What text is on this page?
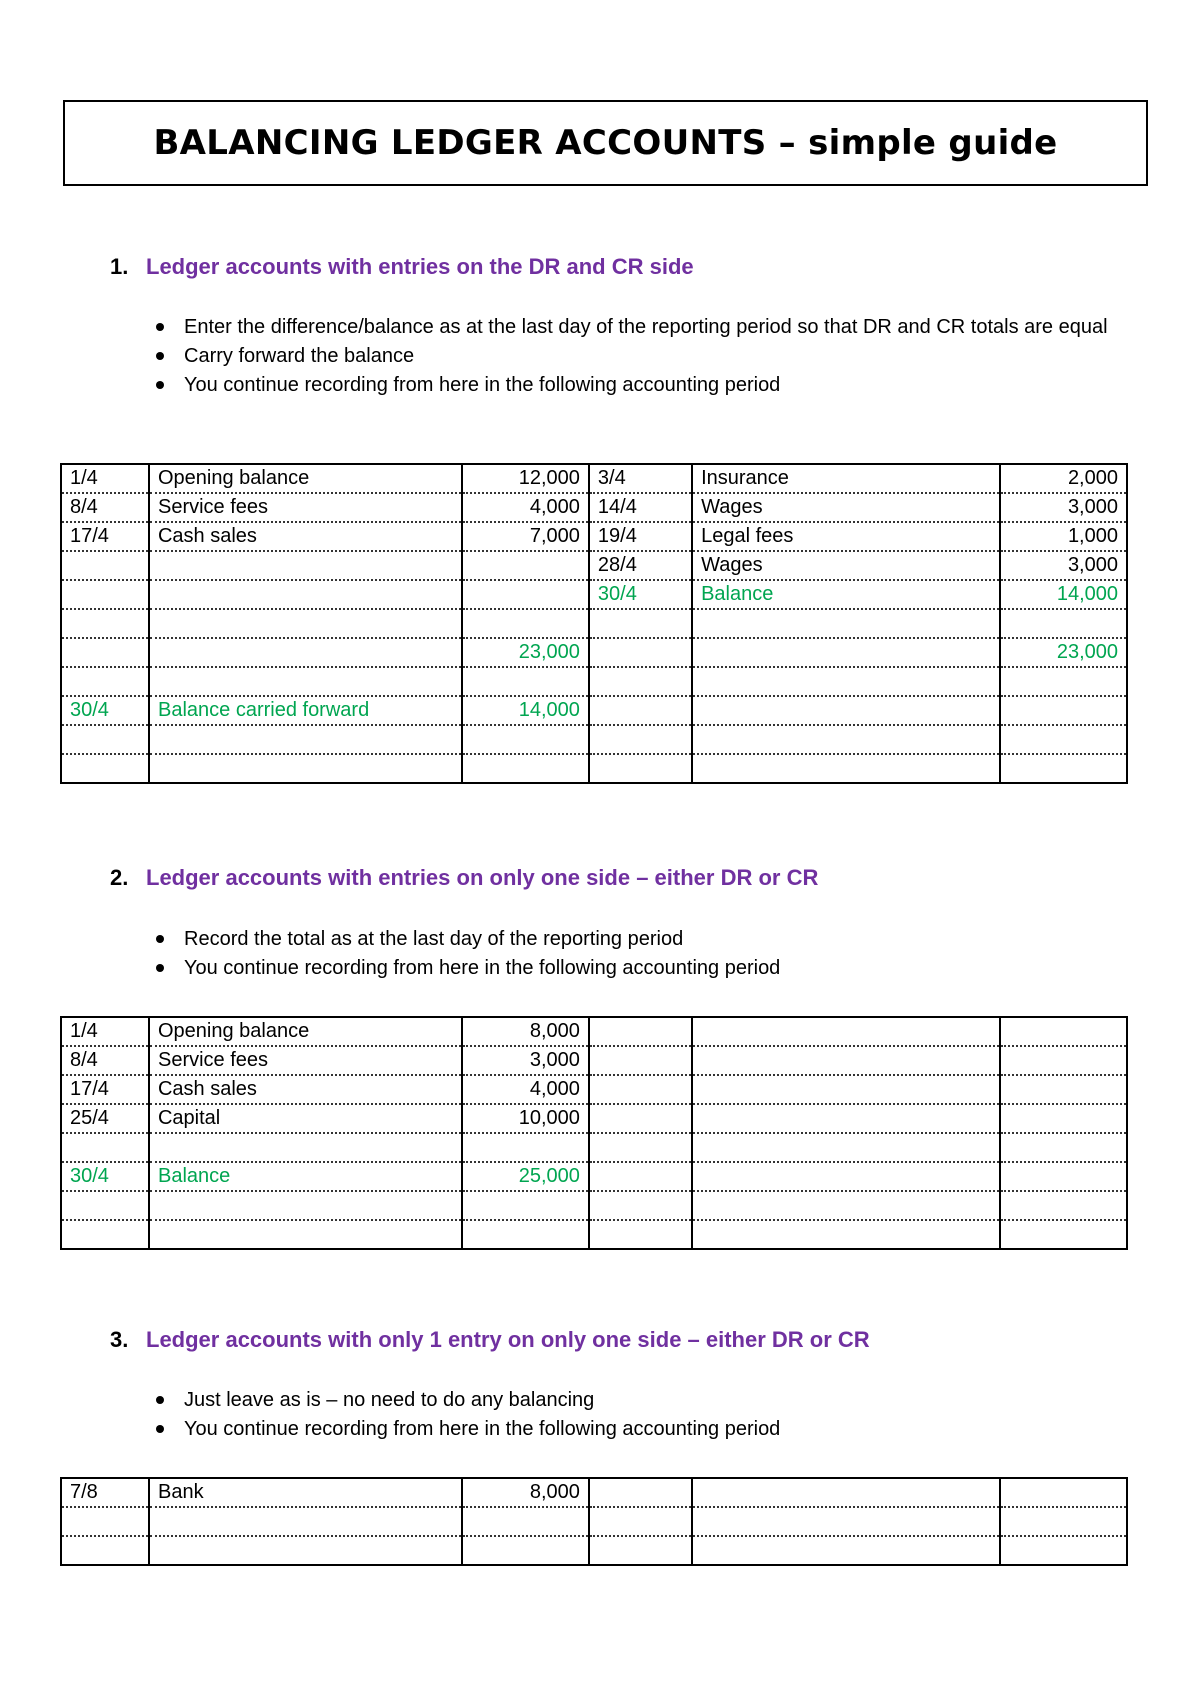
BALANCING LEDGER ACCOUNTS – simple guide
1. Ledger accounts with entries on the DR and CR side
Enter the difference/balance as at the last day of the reporting period so that DR and CR totals are equal
Carry forward the balance
You continue recording from here in the following accounting period
1/4	Opening balance	12,000	3/4	Insurance	2,000
8/4	Service fees	4,000	14/4	Wages	3,000
17/4	Cash sales	7,000	19/4	Legal fees	1,000
			28/4	Wages	3,000
			30/4	Balance	14,000

		23,000			23,000

30/4	Balance carried forward	14,000			

2. Ledger accounts with entries on only one side – either DR or CR
Record the total as at the last day of the reporting period
You continue recording from here in the following accounting period
1/4	Opening balance	8,000			
8/4	Service fees	3,000			
17/4	Cash sales	4,000			
25/4	Capital	10,000			

30/4	Balance	25,000			

3. Ledger accounts with only 1 entry on only one side – either DR or CR
Just leave as is – no need to do any balancing
You continue recording from here in the following accounting period
7/8	Bank	8,000			
